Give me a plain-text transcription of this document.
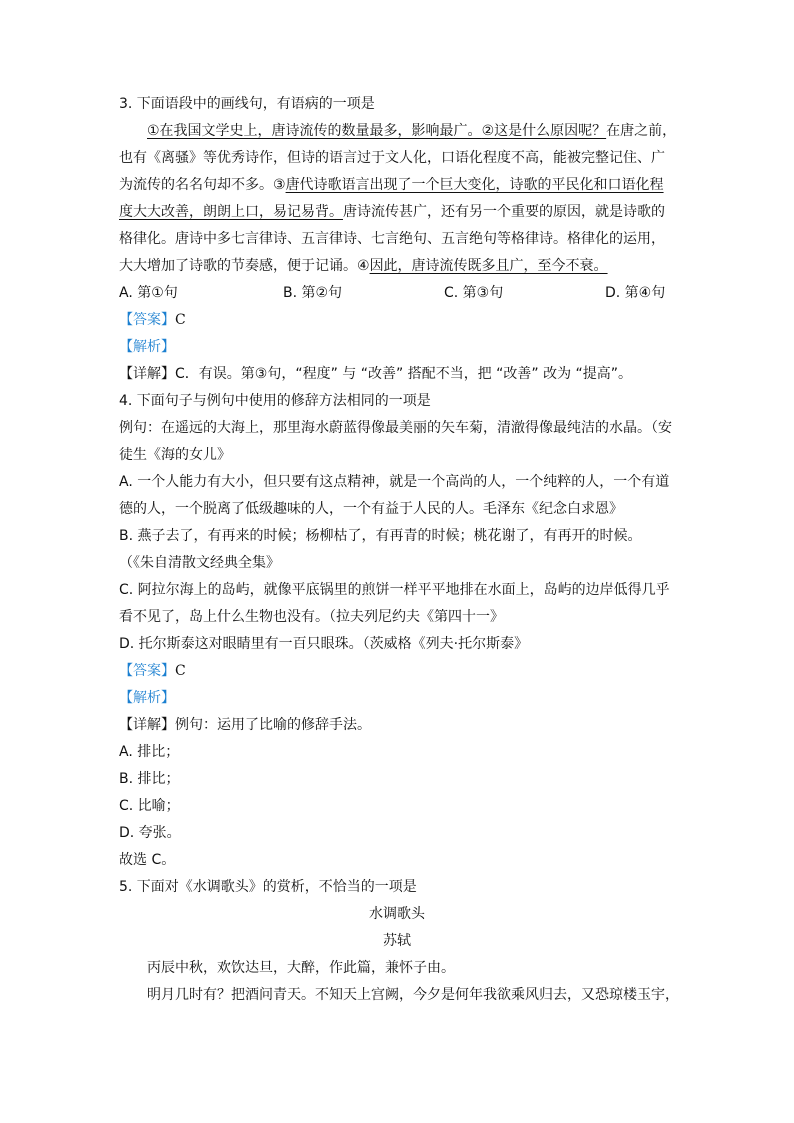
3. 下面语段中的画线句，有语病的一项是
①在我国文学史上，唐诗流传的数量最多，影响最广。②这是什么原因呢？在唐之前，
也有《离骚》等优秀诗作，但诗的语言过于文人化，口语化程度不高，能被完整记住、广
为流传的名名句却不多。③唐代诗歌语言出现了一个巨大变化，诗歌的平民化和口语化程
度大大改善，朗朗上口，易记易背。唐诗流传甚广，还有另一个重要的原因，就是诗歌的
格律化。唐诗中多七言律诗、五言律诗、七言绝句、五言绝句等格律诗。格律化的运用，
大大增加了诗歌的节奏感，便于记诵。④因此，唐诗流传既多且广，至今不衰。
A. 第①句	B. 第②句	C. 第③句	D. 第④句
【答案】C
【解析】
【详解】C．有误。第③句，“程度” 与 “改善” 搭配不当，把 “改善” 改为 “提高”。
4. 下面句子与例句中使用的修辞方法相同的一项是
例句：在遥远的大海上，那里海水蔚蓝得像最美丽的矢车菊，清澈得像最纯洁的水晶。（安
徒生《海的女儿》
A. 一个人能力有大小，但只要有这点精神，就是一个高尚的人，一个纯粹的人，一个有道
德的人，一个脱离了低级趣味的人，一个有益于人民的人。毛泽东《纪念白求恩》
B. 燕子去了，有再来的时候；杨柳枯了，有再青的时候；桃花谢了，有再开的时候。
（《朱自清散文经典全集》
C. 阿拉尔海上的岛屿，就像平底锅里的煎饼一样平平地排在水面上，岛屿的边岸低得几乎
看不见了，岛上什么生物也没有。（拉夫列尼约夫《第四十一》
D. 托尔斯泰这对眼睛里有一百只眼珠。（茨威格《列夫·托尔斯泰》
【答案】C
【解析】
【详解】例句：运用了比喻的修辞手法。
A. 排比；
B. 排比；
C. 比喻；
D. 夸张。
故选 C。
5. 下面对《水调歌头》的赏析，不恰当的一项是
水调歌头
苏轼
丙辰中秋，欢饮达旦，大醉，作此篇，兼怀子由。
明月几时有？把酒问青天。不知天上宫阙，今夕是何年我欲乘风归去，又恐琼楼玉宇，
